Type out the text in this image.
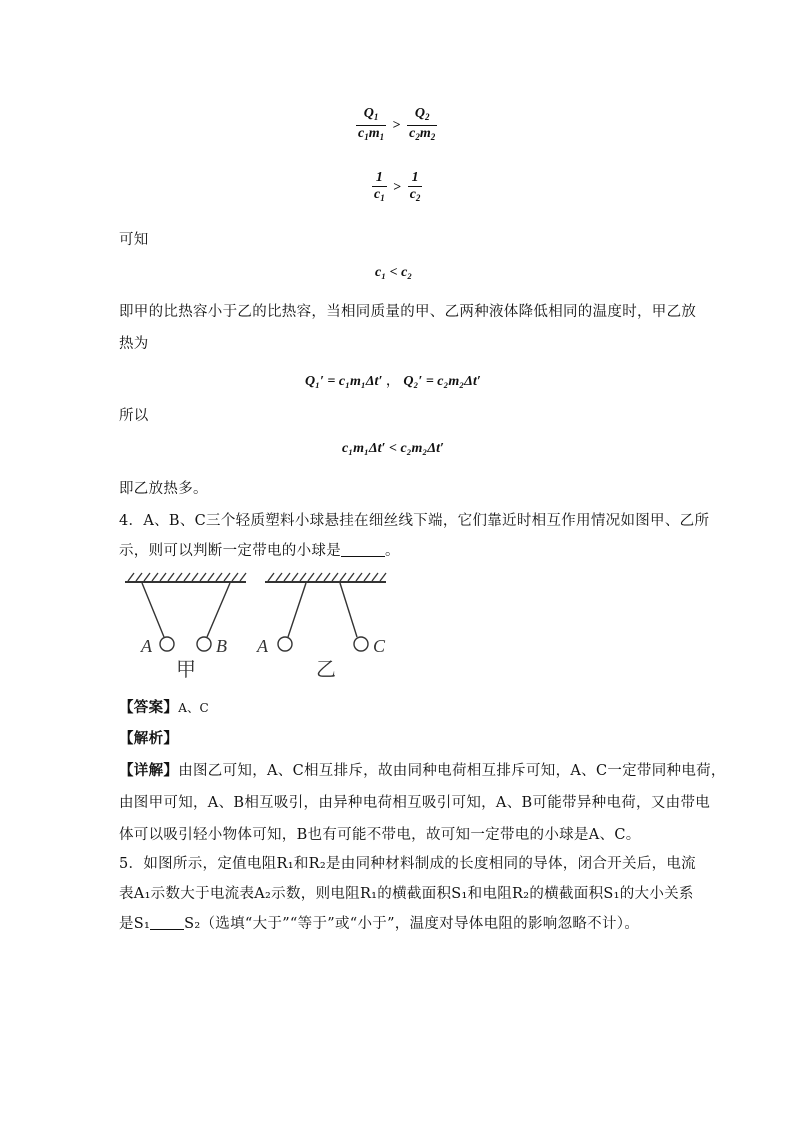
$\frac{Q_1}{c_1m_1} > \frac{Q_2}{c_2m_2}$
$\frac{1}{c_1} > \frac{1}{c_2}$
可知
c₁ < c₂
即甲的比热容小于乙的比热容，当相同质量的甲、乙两种液体降低相同的温度时，甲乙放
热为
Q₁′ = c₁m₁Δt′ ， Q₂′ = c₂m₂Δt′
所以
c₁m₁Δt′ < c₂m₂Δt′
即乙放热多。
4．A、B、C三个轻质塑料小球悬挂在细丝线下端，它们靠近时相互作用情况如图甲、乙所
示，则可以判断一定带电的小球是	。
A	B
甲
A	C
乙
【答案】A、C
【解析】
【详解】由图乙可知，A、C相互排斥，故由同种电荷相互排斥可知，A、C一定带同种电荷，
由图甲可知，A、B相互吸引，由异种电荷相互吸引可知，A、B可能带异种电荷，又由带电
体可以吸引轻小物体可知，B也有可能不带电，故可知一定带电的小球是A、C。
5．如图所示，定值电阻R₁和R₂是由同种材料制成的长度相同的导体，闭合开关后，电流
表A₁示数大于电流表A₂示数，则电阻R₁的横截面积S₁和电阻R₂的横截面积S₁的大小关系
是S₁ S₂（选填“大于”“等于”或“小于”，温度对导体电阻的影响忽略不计）。
